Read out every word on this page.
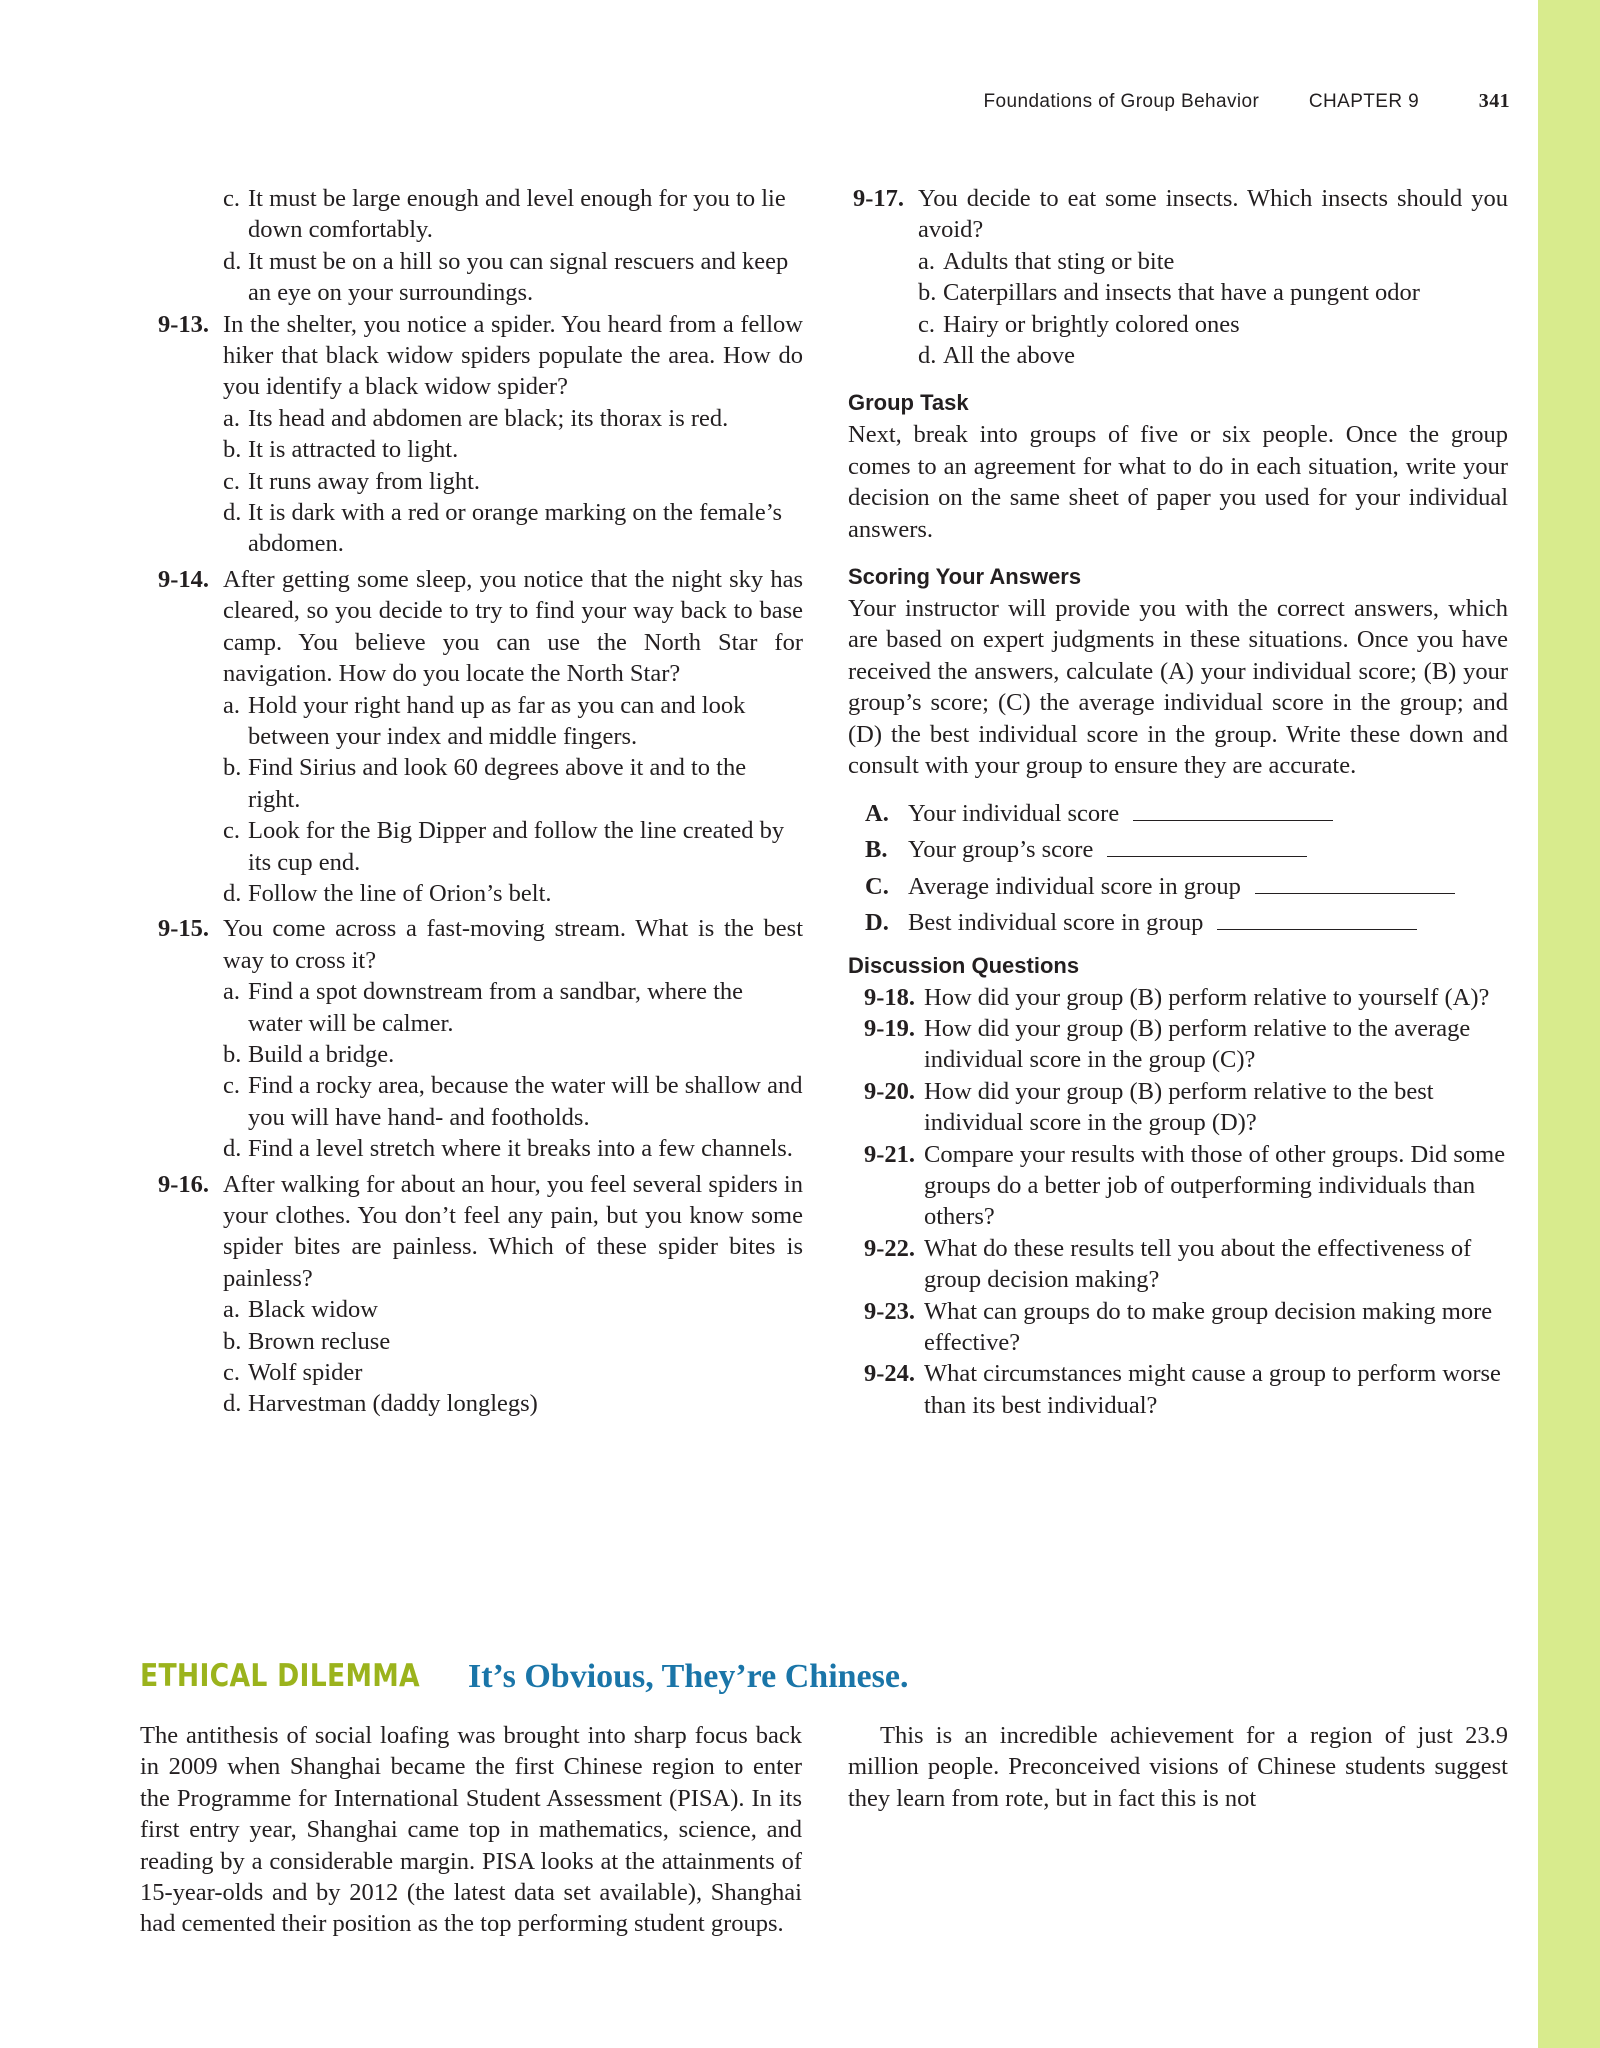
Foundations of Group Behavior	CHAPTER 9	341
c. It must be large enough and level enough for you to lie down comfortably.
d. It must be on a hill so you can signal rescuers and keep an eye on your surroundings.
9-13. In the shelter, you notice a spider. You heard from a fellow hiker that black widow spiders populate the area. How do you identify a black widow spider?
a. Its head and abdomen are black; its thorax is red.
b. It is attracted to light.
c. It runs away from light.
d. It is dark with a red or orange marking on the female’s abdomen.
9-14. After getting some sleep, you notice that the night sky has cleared, so you decide to try to find your way back to base camp. You believe you can use the North Star for navigation. How do you locate the North Star?
a. Hold your right hand up as far as you can and look between your index and middle fingers.
b. Find Sirius and look 60 degrees above it and to the right.
c. Look for the Big Dipper and follow the line created by its cup end.
d. Follow the line of Orion’s belt.
9-15. You come across a fast-moving stream. What is the best way to cross it?
a. Find a spot downstream from a sandbar, where the water will be calmer.
b. Build a bridge.
c. Find a rocky area, because the water will be shallow and you will have hand- and footholds.
d. Find a level stretch where it breaks into a few channels.
9-16. After walking for about an hour, you feel several spiders in your clothes. You don’t feel any pain, but you know some spider bites are painless. Which of these spider bites is painless?
a. Black widow
b. Brown recluse
c. Wolf spider
d. Harvestman (daddy longlegs)
9-17. You decide to eat some insects. Which insects should you avoid?
a. Adults that sting or bite
b. Caterpillars and insects that have a pungent odor
c. Hairy or brightly colored ones
d. All the above
Group Task
Next, break into groups of five or six people. Once the group comes to an agreement for what to do in each situation, write your decision on the same sheet of paper you used for your individual answers.
Scoring Your Answers
Your instructor will provide you with the correct answers, which are based on expert judgments in these situations. Once you have received the answers, calculate (A) your individual score; (B) your group’s score; (C) the average individual score in the group; and (D) the best individual score in the group. Write these down and consult with your group to ensure they are accurate.
A. Your individual score
B. Your group’s score
C. Average individual score in group
D. Best individual score in group
Discussion Questions
9-18. How did your group (B) perform relative to yourself (A)?
9-19. How did your group (B) perform relative to the average individual score in the group (C)?
9-20. How did your group (B) perform relative to the best individual score in the group (D)?
9-21. Compare your results with those of other groups. Did some groups do a better job of outperforming individuals than others?
9-22. What do these results tell you about the effectiveness of group decision making?
9-23. What can groups do to make group decision making more effective?
9-24. What circumstances might cause a group to perform worse than its best individual?
ETHICAL DILEMMA It’s Obvious, They’re Chinese.
The antithesis of social loafing was brought into sharp focus back in 2009 when Shanghai became the first Chinese region to enter the Programme for International Student Assessment (PISA). In its first entry year, Shanghai came top in mathematics, science, and reading by a considerable margin. PISA looks at the attainments of 15-year-olds and by 2012 (the latest data set available), Shanghai had cemented their position as the top performing student groups.
This is an incredible achievement for a region of just 23.9 million people. Preconceived visions of Chinese students suggest they learn from rote, but in fact this is not
